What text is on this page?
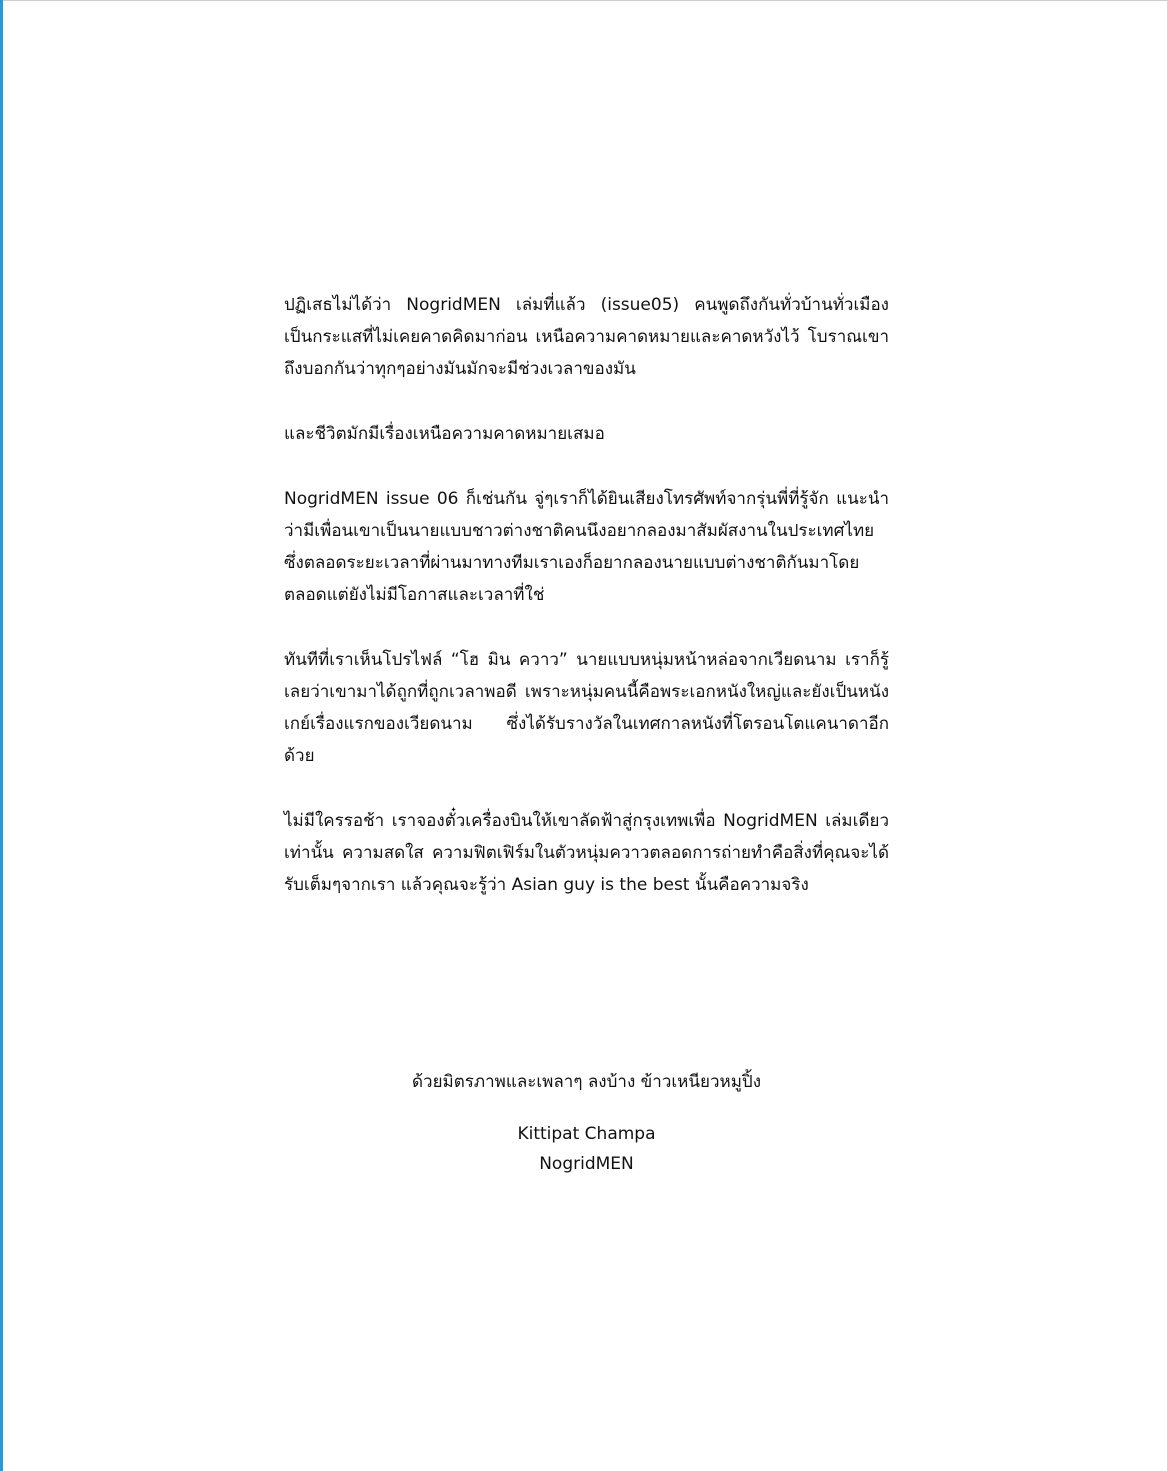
ปฏิเสธไม่ได้ว่า NogridMEN เล่มที่แล้ว (issue05) คนพูดถึงกันทั่วบ้านทั่วเมือง เป็นกระแสที่ไม่เคยคาดคิดมาก่อน เหนือความคาดหมายและคาดหวังไว้ โบราณเขาถึงบอกกันว่าทุกๆอย่างมันมักจะมีช่วงเวลาของมัน

และชีวิตมักมีเรื่องเหนือความคาดหมายเสมอ

NogridMEN issue 06 ก็เช่นกัน จู่ๆเราก็ได้ยินเสียงโทรศัพท์จากรุ่นพี่ที่รู้จัก แนะนำว่ามีเพื่อนเขาเป็นนายแบบชาวต่างชาติคนนึงอยากลองมาสัมผัสงานในประเทศไทย ซึ่งตลอดระยะเวลาที่ผ่านมาทางทีมเราเองก็อยากลองนายแบบต่างชาติกันมาโดยตลอดแต่ยังไม่มีโอกาสและเวลาที่ใช่

ทันทีที่เราเห็นโปรไฟล์ “โฮ มิน ควาว” นายแบบหนุ่มหน้าหล่อจากเวียดนาม เราก็รู้เลยว่าเขามาได้ถูกที่ถูกเวลาพอดี เพราะหนุ่มคนนี้คือพระเอกหนังใหญ่และยังเป็นหนังเกย์เรื่องแรกของเวียดนาม ซึ่งได้รับรางวัลในเทศกาลหนังที่โตรอนโตแคนาดาอีกด้วย

ไม่มีใครรอช้า เราจองตั๋วเครื่องบินให้เขาลัดฟ้าสู่กรุงเทพเพื่อ NogridMEN เล่มเดียวเท่านั้น ความสดใส ความฟิตเฟิร์มในตัวหนุ่มควาวตลอดการถ่ายทำคือสิ่งที่คุณจะได้รับเต็มๆจากเรา แล้วคุณจะรู้ว่า Asian guy is the best นั้นคือความจริง

ด้วยมิตรภาพและเพลาๆ ลงบ้าง ข้าวเหนียวหมูปิ้ง
Kittipat Champa
NogridMEN
